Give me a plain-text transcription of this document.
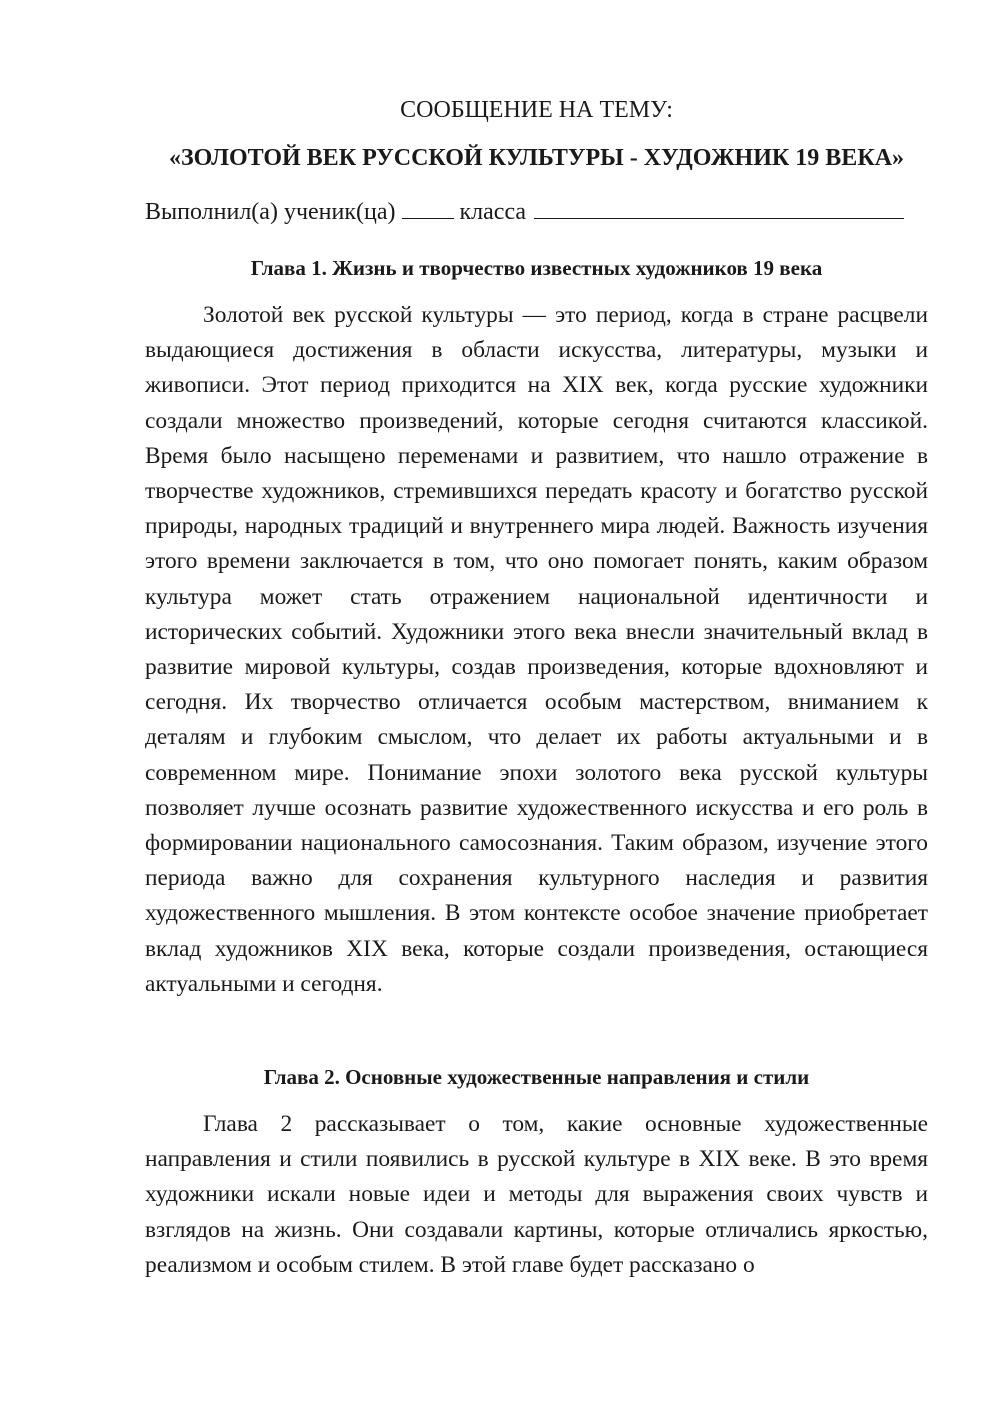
СООБЩЕНИЕ НА ТЕМУ:
«ЗОЛОТОЙ ВЕК РУССКОЙ КУЛЬТУРЫ - ХУДОЖНИК 19 ВЕКА»
Выполнил(а) ученик(ца)	класса
Глава 1. Жизнь и творчество известных художников 19 века

Золотой век русской культуры — это период, когда в стране расцвели выдающиеся достижения в области искусства, литературы, музыки и живописи. Этот период приходится на XIX век, когда русские художники создали множество произведений, которые сегодня считаются классикой. Время было насыщено переменами и развитием, что нашло отражение в творчестве художников, стремившихся передать красоту и богатство русской природы, народных традиций и внутреннего мира людей. Важность изучения этого времени заключается в том, что оно помогает понять, каким образом культура может стать отражением национальной идентичности и исторических событий. Художники этого века внесли значительный вклад в развитие мировой культуры, создав произведения, которые вдохновляют и сегодня. Их творчество отличается особым мастерством, вниманием к деталям и глубоким смыслом, что делает их работы актуальными и в современном мире. Понимание эпохи золотого века русской культуры позволяет лучше осознать развитие художественного искусства и его роль в формировании национального самосознания. Таким образом, изучение этого периода важно для сохранения культурного наследия и развития художественного мышления. В этом контексте особое значение приобретает вклад художников XIX века, которые создали произведения, остающиеся актуальными и сегодня.

Глава 2. Основные художественные направления и стили

Глава 2 рассказывает о том, какие основные художественные направления и стили появились в русской культуре в XIX веке. В это время художники искали новые идеи и методы для выражения своих чувств и взглядов на жизнь. Они создавали картины, которые отличались яркостью, реализмом и особым стилем. В этой главе будет рассказано о
